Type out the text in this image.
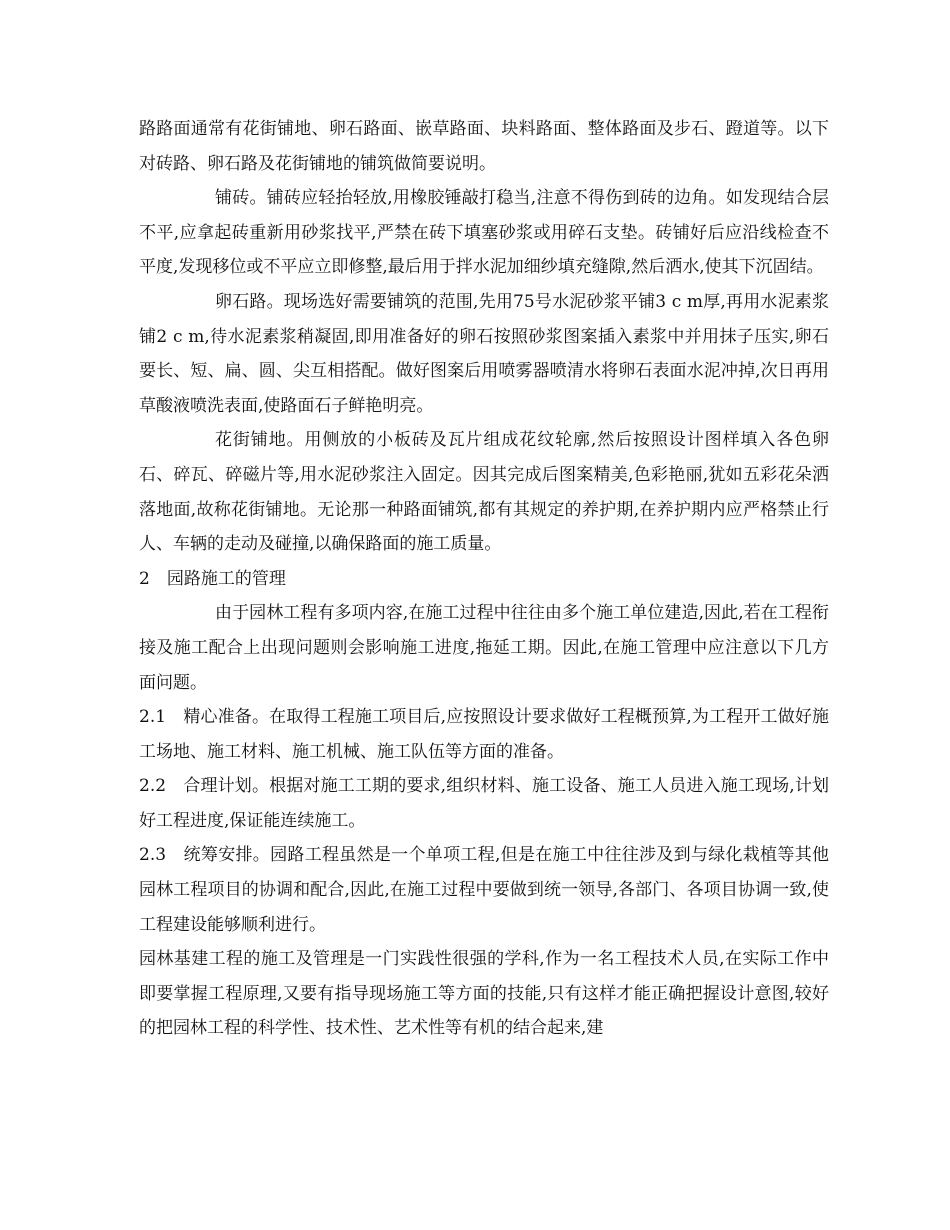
路路面通常有花街铺地、卵石路面、嵌草路面、块料路面、整体路面及步石、蹬道等。以下对砖路、卵石路及花街铺地的铺筑做简要说明。

铺砖。铺砖应轻抬轻放,用橡胶锤敲打稳当,注意不得伤到砖的边角。如发现结合层不平,应拿起砖重新用砂浆找平,严禁在砖下填塞砂浆或用碎石支垫。砖铺好后应沿线检查不平度,发现移位或不平应立即修整,最后用于拌水泥加细纱填充缝隙,然后洒水,使其下沉固结。

卵石路。现场选好需要铺筑的范围,先用75号水泥砂浆平铺3 c m厚,再用水泥素浆铺2 c m,待水泥素浆稍凝固,即用准备好的卵石按照砂浆图案插入素浆中并用抹子压实,卵石要长、短、扁、圆、尖互相搭配。做好图案后用喷雾器喷清水将卵石表面水泥冲掉,次日再用草酸液喷洗表面,使路面石子鲜艳明亮。

花街铺地。用侧放的小板砖及瓦片组成花纹轮廓,然后按照设计图样填入各色卵石、碎瓦、碎磁片等,用水泥砂浆注入固定。因其完成后图案精美,色彩艳丽,犹如五彩花朵洒落地面,故称花街铺地。无论那一种路面铺筑,都有其规定的养护期,在养护期内应严格禁止行人、车辆的走动及碰撞,以确保路面的施工质量。

2　园路施工的管理

由于园林工程有多项内容,在施工过程中往往由多个施工单位建造,因此,若在工程衔接及施工配合上出现问题则会影响施工进度,拖延工期。因此,在施工管理中应注意以下几方面问题。

2.1　精心准备。在取得工程施工项目后,应按照设计要求做好工程概预算,为工程开工做好施工场地、施工材料、施工机械、施工队伍等方面的准备。

2.2　合理计划。根据对施工工期的要求,组织材料、施工设备、施工人员进入施工现场,计划好工程进度,保证能连续施工。

2.3　统筹安排。园路工程虽然是一个单项工程,但是在施工中往往涉及到与绿化栽植等其他园林工程项目的协调和配合,因此,在施工过程中要做到统一领导,各部门、各项目协调一致,使工程建设能够顺利进行。

园林基建工程的施工及管理是一门实践性很强的学科,作为一名工程技术人员,在实际工作中即要掌握工程原理,又要有指导现场施工等方面的技能,只有这样才能正确把握设计意图,较好的把园林工程的科学性、技术性、艺术性等有机的结合起来,建
